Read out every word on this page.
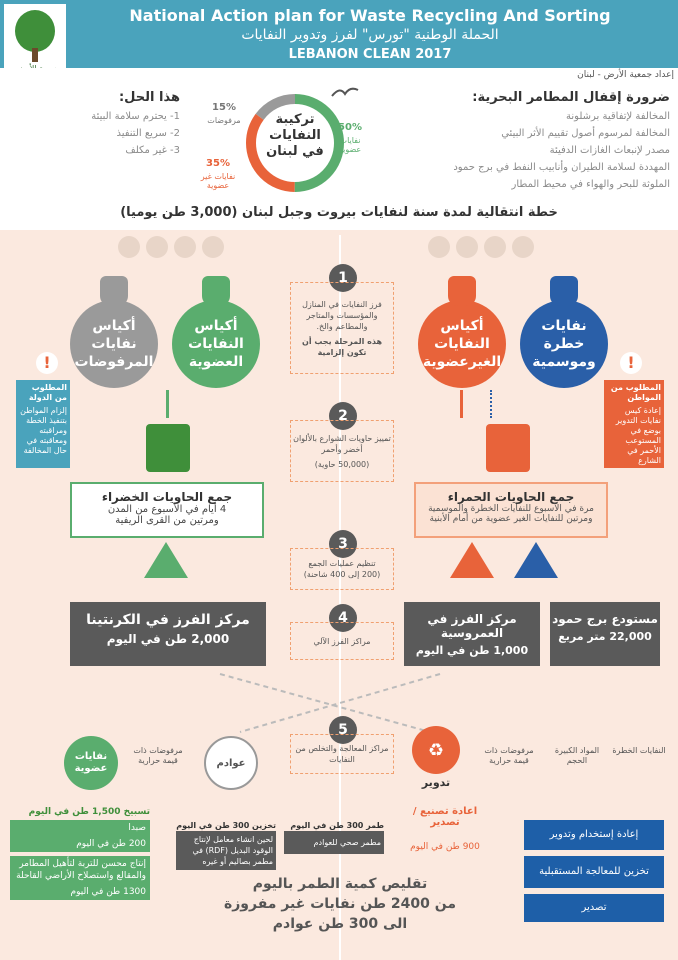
National Action plan for Waste Recycling And Sorting
الحملة الوطنية "تورس" لفرز وتدوير النفايات
LEBANON CLEAN 2017
إعداد جمعية الأرض - لبنان
ضرورة إقفال المطامر البحرية:
المخالفة لإتفاقية برشلونة
المخالفة لمرسوم أصول تقييم الأثر البيئي
مصدر لإنبعاث الغازات الدفيئة
المهددة لسلامة الطيران وأنابيب النفط في برج حمود
الملوثة للبحر والهواء في محيط المطار
هذا الحل:
1- يحترم سلامة البيئة
2- سريع التنفيذ
3- غير مكلف
تركيبة النفايات في لبنان
50%
نفايات عضوية
35%
نفايات غير عضوية
15%
مرفوضات
خطة انتقالية لمدة سنة لنفايات بيروت وجبل لبنان (3,000 طن يوميا)
أكياس نفايات المرفوضات
أكياس النفايات العضوية
أكياس النفايات الغيرعضوية
نفايات خطرة وموسمية
1
فرز النفايات في المنازل والمؤسسات والمتاجر والمطاعم والخ.
هذه المرحلة يجب أن تكون إلزامية
2
تمييز حاويات الشوارع بالألوان أخضر وأحمر
(50,000 حاوية)
3
تنظيم عمليات الجمع
(200 إلى 400 شاحنة)
4
مراكز الفرز الآلي
5
مراكز المعالجة والتخلص من النفايات
!
المطلوب من الدولة
إلزام المواطن بتنفيذ الخطة ومراقبته ومعاقبته في حال المخالفة
!
المطلوب من المواطن
إعادة كيس نفايات التدوير بوضع في المستوعب الأحمر في الشارع
جمع الحاويات الخضراء
4 أيام في الأسبوع من المدن
ومرتين من القرى الريفية
جمع الحاويات الحمراء
مرة في الأسبوع للنفايات الخطرة والموسمية
ومرتين للنفايات الغير عضوية من أمام الأبنية
مركز الفرز في الكرنتينا
2,000 طن في اليوم
مركز الفرز في العمروسية
1,000 طن في اليوم
مستودع برج حمود
22,000 متر مربع
نفايات عضوية
مرفوضات ذات قيمة حرارية	عوادم
♻
تدوير
مرفوضات ذات قيمة حرارية
المواد الكبيرة الحجم
النفايات الخطرة
تسبيخ 1,500 طن في اليوم
صبدا
200 طن في اليوم
إنتاج محسن للتربة لتأهيل المطامر والمقالع واستصلاح الأراضي القاحلة
1300 طن في اليوم
تخزين 300 طن في اليوم
لحين انشاء معامل لإنتاج الوقود البديل (RDF) في مطمر بصاليم أو غيره
طمر 300 طن في اليوم
مطمر صحي للعوادم
اعادة تصنيع / تصدير
900 طن في اليوم
إعادة إستخدام وتدوير
تخزين للمعالجة المستقبلية
تصدير
تقليص كمية الطمر باليوم
من 2400 طن نفايات غير مفروزة
الى 300 طن عوادم
